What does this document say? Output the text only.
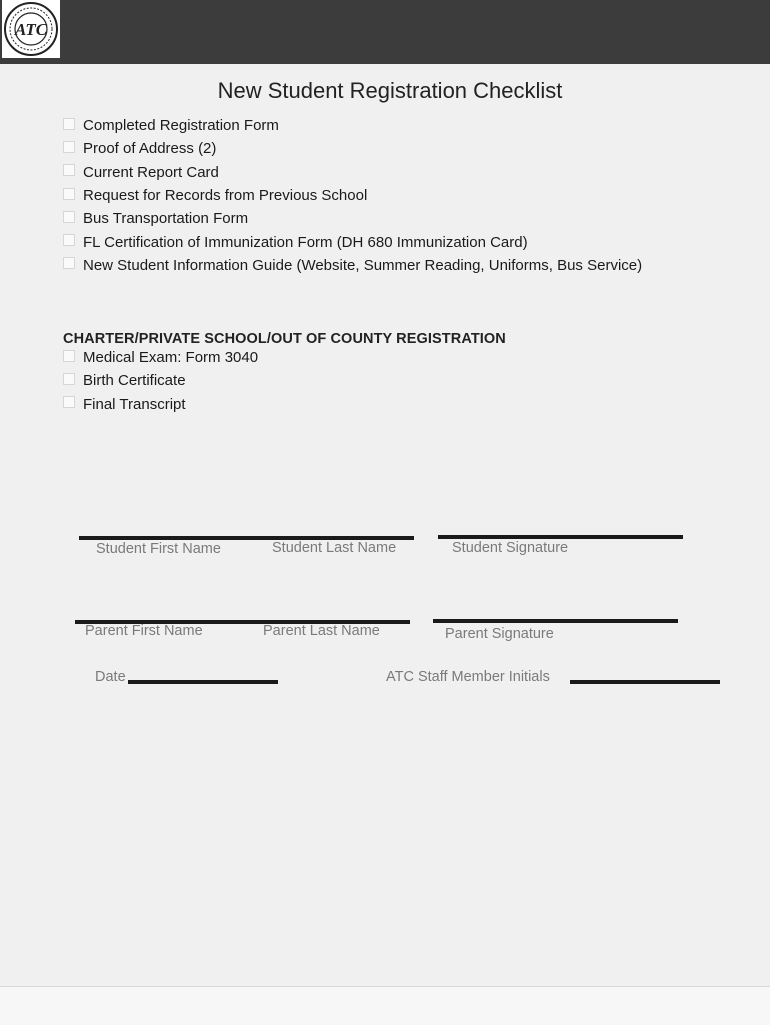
ATC
New Student Registration Checklist
Completed Registration Form
Proof of Address (2)
Current Report Card
Request for Records from Previous School
Bus Transportation Form
FL Certification of Immunization Form (DH 680 Immunization Card)
New Student Information Guide (Website, Summer Reading, Uniforms, Bus Service)
CHARTER/PRIVATE SCHOOL/OUT OF COUNTY REGISTRATION
Medical Exam: Form 3040
Birth Certificate
Final Transcript
Student First Name	Student Last Name	Student Signature
Parent First Name	Parent Last Name	Parent Signature
Date	ATC Staff Member Initials
